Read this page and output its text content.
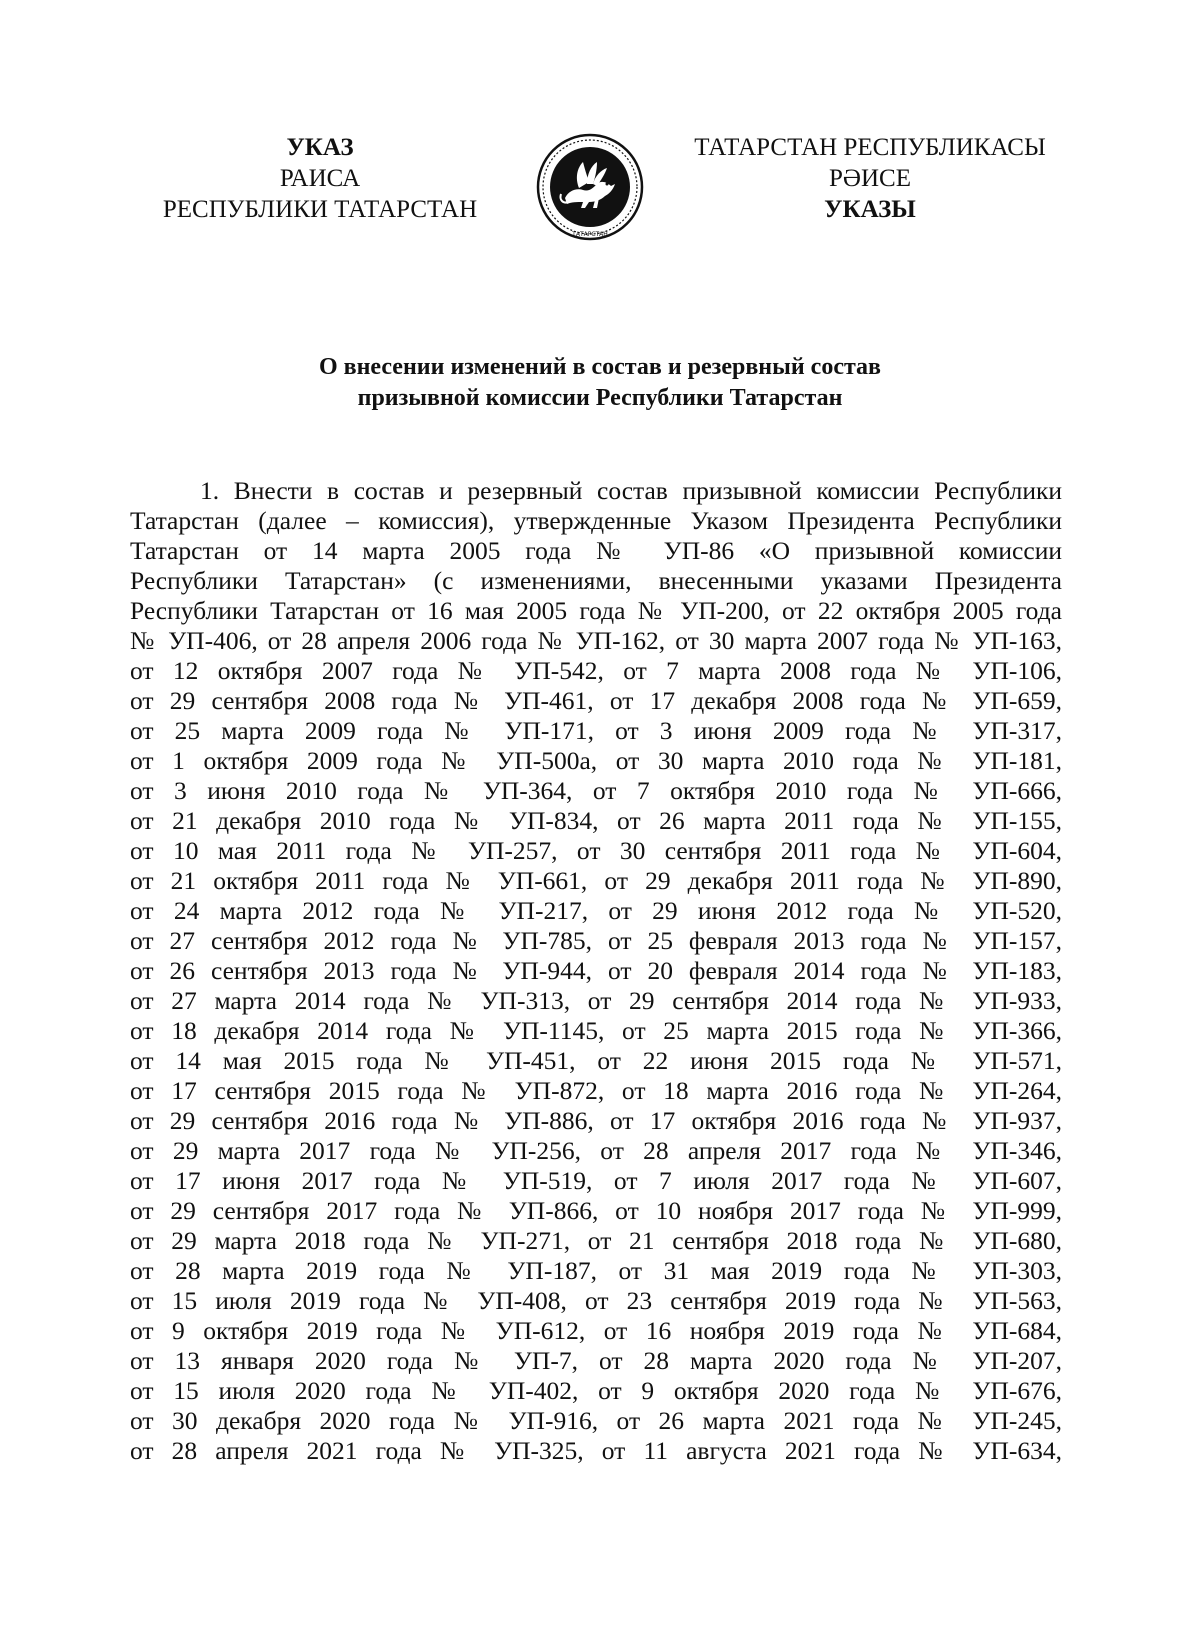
УКАЗ
РАИСА
РЕСПУБЛИКИ ТАТАРСТАН
ТАТАРСТАН
ТАТАРСТАН РЕСПУБЛИКАСЫ
РӘИСЕ
УКАЗЫ
О внесении изменений в состав и резервный состав
призывной комиссии Республики Татарстан
1. Внести в состав и резервный состав призывной комиссии Республики
Татарстан (далее – комиссия), утвержденные Указом Президента Республики
Татарстан от 14 марта 2005 года № УП-86 «О призывной комиссии
Республики Татарстан» (с изменениями, внесенными указами Президента
Республики Татарстан от 16 мая 2005 года № УП-200, от 22 октября 2005 года
№ УП-406, от 28 апреля 2006 года № УП-162, от 30 марта 2007 года № УП-163,
от 12 октября 2007 года № УП-542, от 7 марта 2008 года № УП-106,
от 29 сентября 2008 года № УП-461, от 17 декабря 2008 года № УП-659,
от 25 марта 2009 года № УП-171, от 3 июня 2009 года № УП-317,
от 1 октября 2009 года № УП-500а, от 30 марта 2010 года № УП-181,
от 3 июня 2010 года № УП-364, от 7 октября 2010 года № УП-666,
от 21 декабря 2010 года № УП-834, от 26 марта 2011 года № УП-155,
от 10 мая 2011 года № УП-257, от 30 сентября 2011 года № УП-604,
от 21 октября 2011 года № УП-661, от 29 декабря 2011 года № УП-890,
от 24 марта 2012 года № УП-217, от 29 июня 2012 года № УП-520,
от 27 сентября 2012 года № УП-785, от 25 февраля 2013 года № УП-157,
от 26 сентября 2013 года № УП-944, от 20 февраля 2014 года № УП-183,
от 27 марта 2014 года № УП-313, от 29 сентября 2014 года № УП-933,
от 18 декабря 2014 года № УП-1145, от 25 марта 2015 года № УП-366,
от 14 мая 2015 года № УП-451, от 22 июня 2015 года № УП-571,
от 17 сентября 2015 года № УП-872, от 18 марта 2016 года № УП-264,
от 29 сентября 2016 года № УП-886, от 17 октября 2016 года № УП-937,
от 29 марта 2017 года № УП-256, от 28 апреля 2017 года № УП-346,
от 17 июня 2017 года № УП-519, от 7 июля 2017 года № УП-607,
от 29 сентября 2017 года № УП-866, от 10 ноября 2017 года № УП-999,
от 29 марта 2018 года № УП-271, от 21 сентября 2018 года № УП-680,
от 28 марта 2019 года № УП-187, от 31 мая 2019 года № УП-303,
от 15 июля 2019 года № УП-408, от 23 сентября 2019 года № УП-563,
от 9 октября 2019 года № УП-612, от 16 ноября 2019 года № УП-684,
от 13 января 2020 года № УП-7, от 28 марта 2020 года № УП-207,
от 15 июля 2020 года № УП-402, от 9 октября 2020 года № УП-676,
от 30 декабря 2020 года № УП-916, от 26 марта 2021 года № УП-245,
от 28 апреля 2021 года № УП-325, от 11 августа 2021 года № УП-634,
